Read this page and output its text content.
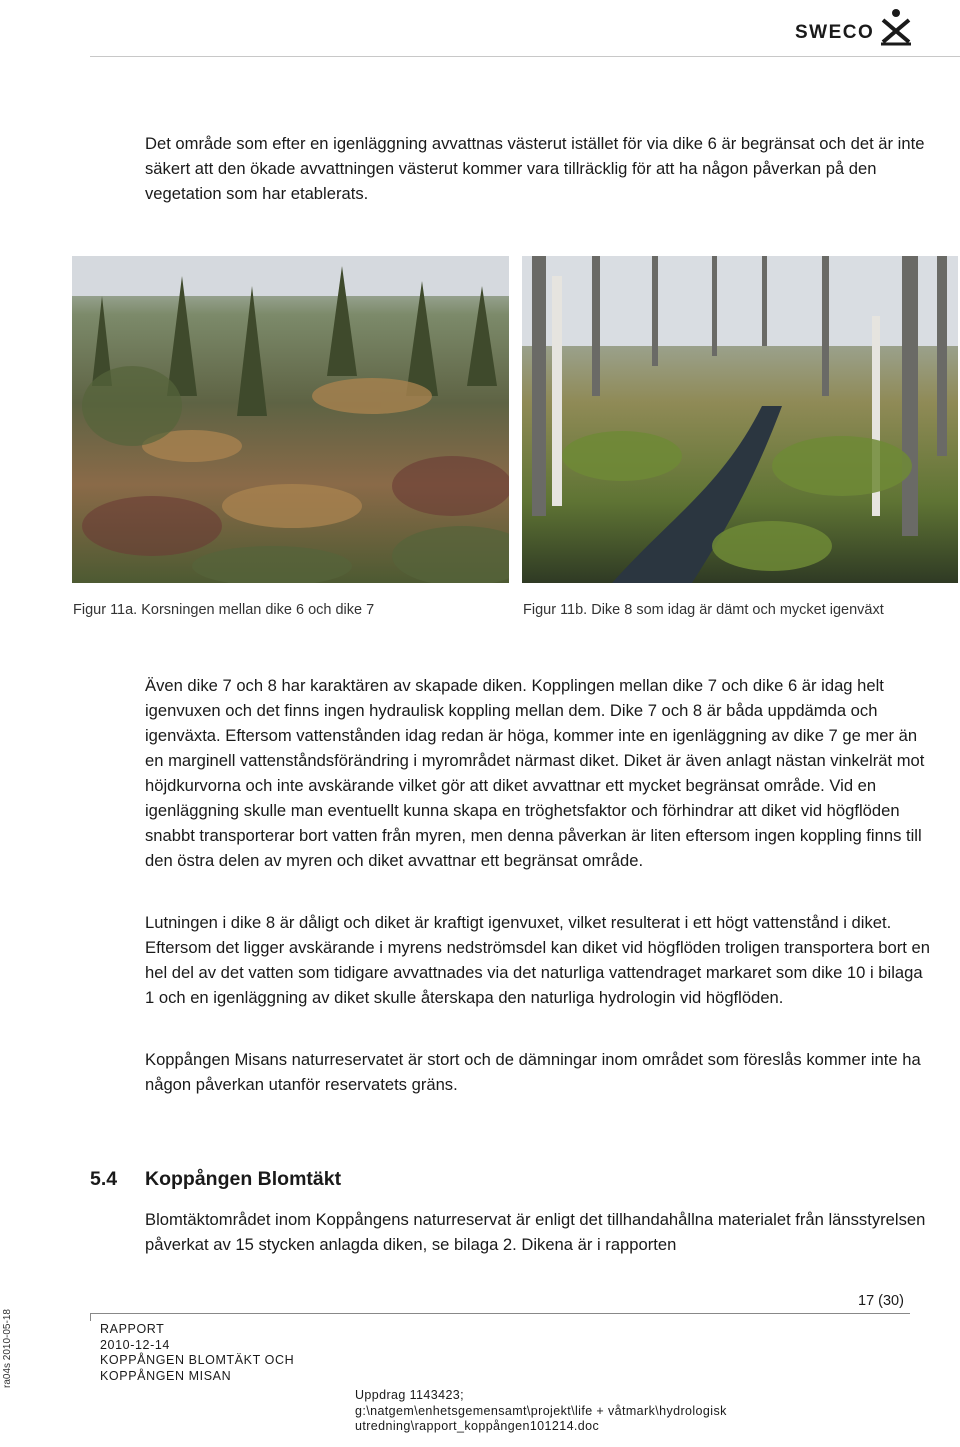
SWECO

Det område som efter en igenläggning avvattnas västerut istället för via dike 6 är begränsat och det är inte säkert att den ökade avvattningen västerut kommer vara tillräcklig för att ha någon påverkan på den vegetation som har etablerats.

Figur 11a. Korsningen mellan dike 6 och dike 7	Figur 11b. Dike 8 som idag är dämt och mycket igenväxt

Även dike 7 och 8 har karaktären av skapade diken. Kopplingen mellan dike 7 och dike 6 är idag helt igenvuxen och det finns ingen hydraulisk koppling mellan dem. Dike 7 och 8 är båda uppdämda och igenväxta. Eftersom vattenstånden idag redan är höga, kommer inte en igenläggning av dike 7 ge mer än en marginell vattenståndsförändring i myrområdet närmast diket. Diket är även anlagt nästan vinkelrät mot höjdkurvorna och inte avskärande vilket gör att diket avvattnar ett mycket begränsat område. Vid en igenläggning skulle man eventuellt kunna skapa en tröghetsfaktor och förhindrar att diket vid högflöden snabbt transporterar bort vatten från myren, men denna påverkan är liten eftersom ingen koppling finns till den östra delen av myren och diket avvattnar ett begränsat område.

Lutningen i dike 8 är dåligt och diket är kraftigt igenvuxet, vilket resulterat i ett högt vattenstånd i diket. Eftersom det ligger avskärande i myrens nedströmsdel kan diket vid högflöden troligen transportera bort en hel del av det vatten som tidigare avvattnades via det naturliga vattendraget markaret som dike 10 i bilaga 1 och en igenläggning av diket skulle återskapa den naturliga hydrologin vid högflöden.

Koppången Misans naturreservatet är stort och de dämningar inom området som föreslås kommer inte ha någon påverkan utanför reservatets gräns.

5.4 Koppången Blomtäkt

Blomtäktområdet inom Koppångens naturreservat är enligt det tillhandahållna materialet från länsstyrelsen påverkat av 15 stycken anlagda diken, se bilaga 2. Dikena är i rapporten

17 (30)
RAPPORT
2010-12-14
KOPPÅNGEN BLOMTÄKT OCH
KOPPÅNGEN MISAN
Uppdrag 1143423;
g:\natgem\enhetsgemensamt\projekt\life + våtmark\hydrologisk
utredning\rapport_koppången101214.doc
ra04s 2010-05-18
